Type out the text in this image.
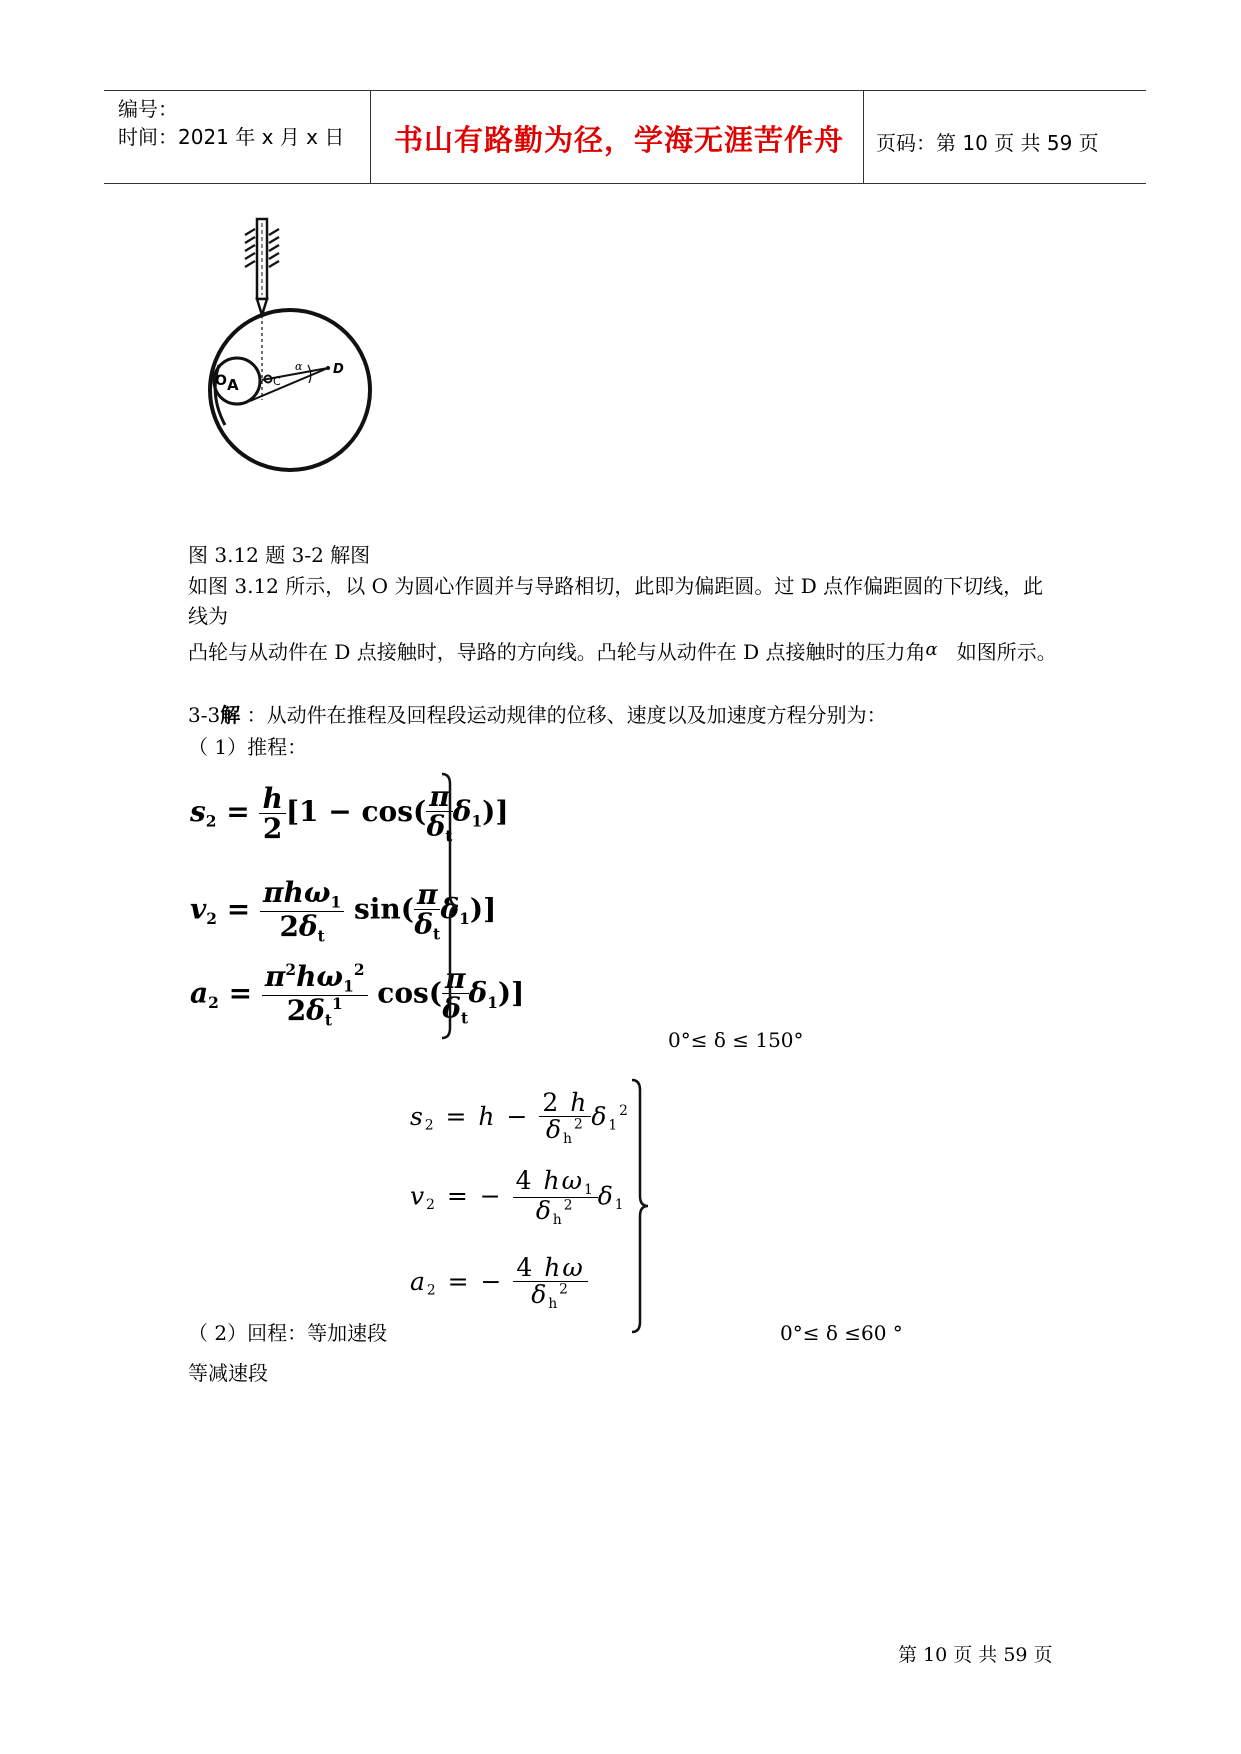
编号：
时间：2021 年 x 月 x 日 书山有路勤为径，学海无涯苦作舟 页码：第 10 页 共 59 页
O A	C
α D
图 3.12 题 3-2 解图
如图 3.12 所示，以 O 为圆心作圆并与导路相切，此即为偏距圆。过 D 点作偏距圆的下切线，此线为
凸轮与从动件在 D 点接触时，导路的方向线。凸轮与从动件在 D 点接触时的压力角α 如图所示。
3-3解 ：从动件在推程及回程段运动规律的位移、速度以及加速度方程分别为：
（ 1）推程：
$s_2 = \frac{h}{2} [1 - \cos( \frac{\pi}{\delta_t} \delta_1)]$
$v_2 = \frac{\pi h\omega_1}{2\delta_t} \sin( \frac{\pi}{\delta_t} \delta_1)$]
$a_2 = \frac{\pi^2h\omega_1^2}{2\delta_t^1} \cos( \frac{\pi}{\delta_t} \delta_1)$]
0°≤ δ ≤ 150°
$s_2 = h - \frac{2 h}{\delta_h^2} \delta_1^2$
$v_2$ = − $\frac{4 h\omega_1}{\delta_h^2} \delta_1$
$a_2$ = − $\frac{4 h\omega}{\delta_h^2}$
（ 2）回程：等加速段	0°≤ δ ≤60 °
等减速段
第 10 页 共 59 页
